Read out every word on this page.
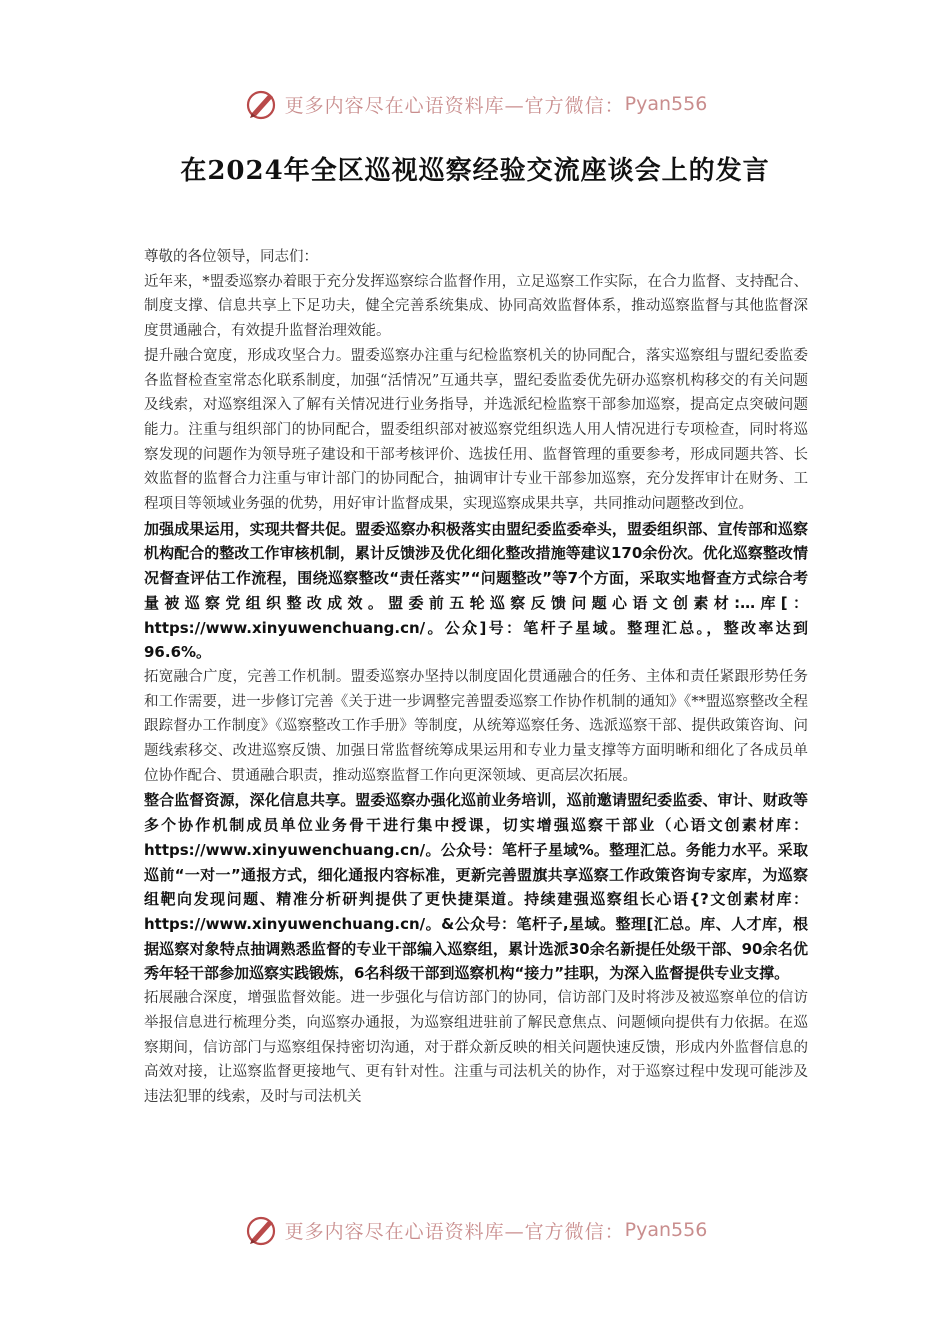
更多内容尽在心语资料库—官方微信： Pyan556
在2024年全区巡视巡察经验交流座谈会上的发言

尊敬的各位领导，同志们：

近年来，*盟委巡察办着眼于充分发挥巡察综合监督作用，立足巡察工作实际，在合力监督、支持配合、制度支撑、信息共享上下足功夫，健全完善系统集成、协同高效监督体系，推动巡察监督与其他监督深度贯通融合，有效提升监督治理效能。

提升融合宽度，形成攻坚合力。盟委巡察办注重与纪检监察机关的协同配合，落实巡察组与盟纪委监委各监督检查室常态化联系制度，加强“活情况”互通共享，盟纪委监委优先研办巡察机构移交的有关问题及线索，对巡察组深入了解有关情况进行业务指导，并选派纪检监察干部参加巡察，提高定点突破问题能力。注重与组织部门的协同配合，盟委组织部对被巡察党组织选人用人情况进行专项检查，同时将巡察发现的问题作为领导班子建设和干部考核评价、选拔任用、监督管理的重要参考，形成同题共答、长效监督的监督合力注重与审计部门的协同配合，抽调审计专业干部参加巡察，充分发挥审计在财务、工程项目等领域业务强的优势，用好审计监督成果，实现巡察成果共享，共同推动问题整改到位。

加强成果运用，实现共督共促。盟委巡察办积极落实由盟纪委监委牵头，盟委组织部、宣传部和巡察机构配合的整改工作审核机制，累计反馈涉及优化细化整改措施等建议170余份次。优化巡察整改情况督查评估工作流程，围绕巡察整改“责任落实”“问题整改”等7个方面，采取实地督查方式综合考量被巡察党组织整改成效。盟委前五轮巡察反馈问题心语文创素材:…库[：https://www.xinyuwenchuang.cn/。公众]号：笔杆子星域。整理汇总。，整改率达到96.6%。

拓宽融合广度，完善工作机制。盟委巡察办坚持以制度固化贯通融合的任务、主体和责任紧跟形势任务和工作需要，进一步修订完善《关于进一步调整完善盟委巡察工作协作机制的通知》《**盟巡察整改全程跟踪督办工作制度》《巡察整改工作手册》等制度，从统筹巡察任务、选派巡察干部、提供政策咨询、问题线索移交、改进巡察反馈、加强日常监督统筹成果运用和专业力量支撑等方面明晰和细化了各成员单位协作配合、贯通融合职责，推动巡察监督工作向更深领域、更高层次拓展。

整合监督资源，深化信息共享。盟委巡察办强化巡前业务培训，巡前邀请盟纪委监委、审计、财政等多个协作机制成员单位业务骨干进行集中授课，切实增强巡察干部业（心语文创素材库：https://www.xinyuwenchuang.cn/。公众号：笔杆子星域%。整理汇总。务能力水平。采取巡前“一对一”通报方式，细化通报内容标准，更新完善盟旗共享巡察工作政策咨询专家库，为巡察组靶向发现问题、精准分析研判提供了更快捷渠道。持续建强巡察组长心语{?文创素材库：https://www.xinyuwenchuang.cn/。&公众号：笔杆子,星域。整理[汇总。库、人才库，根据巡察对象特点抽调熟悉监督的专业干部编入巡察组，累计选派30余名新提任处级干部、90余名优秀年轻干部参加巡察实践锻炼，6名科级干部到巡察机构“接力”挂职，为深入监督提供专业支撑。

拓展融合深度，增强监督效能。进一步强化与信访部门的协同，信访部门及时将涉及被巡察单位的信访举报信息进行梳理分类，向巡察办通报，为巡察组进驻前了解民意焦点、问题倾向提供有力依据。在巡察期间，信访部门与巡察组保持密切沟通，对于群众新反映的相关问题快速反馈，形成内外监督信息的高效对接，让巡察监督更接地气、更有针对性。注重与司法机关的协作，对于巡察过程中发现可能涉及违法犯罪的线索，及时与司法机关

更多内容尽在心语资料库—官方微信： Pyan556
